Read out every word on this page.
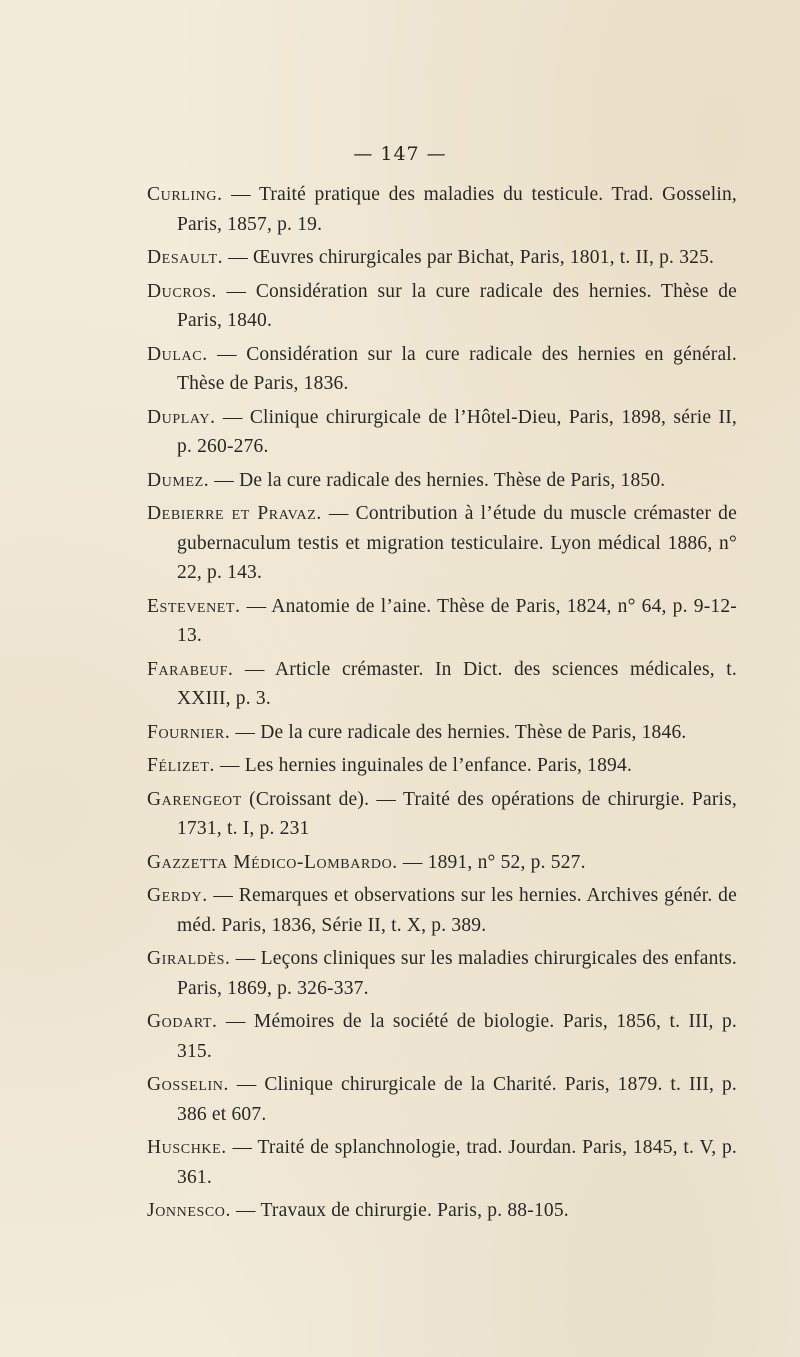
— 147 —

Curling. — Traité pratique des maladies du testicule. Trad. Gosselin, Paris, 1857, p. 19.

Desault. — Œuvres chirurgicales par Bichat, Paris, 1801, t. II, p. 325.

Ducros. — Considération sur la cure radicale des hernies. Thèse de Paris, 1840.

Dulac. — Considération sur la cure radicale des hernies en général. Thèse de Paris, 1836.

Duplay. — Clinique chirurgicale de l’Hôtel-Dieu, Paris, 1898, série II, p. 260-276.

Dumez. — De la cure radicale des hernies. Thèse de Paris, 1850.

Debierre et Pravaz. — Contribution à l’étude du muscle crémaster de gubernaculum testis et migration testiculaire. Lyon médical 1886, n° 22, p. 143.

Estevenet. — Anatomie de l’aine. Thèse de Paris, 1824, n° 64, p. 9-12-13.

Farabeuf. — Article crémaster. In Dict. des sciences médicales, t. XXIII, p. 3.

Fournier. — De la cure radicale des hernies. Thèse de Paris, 1846.

Félizet. — Les hernies inguinales de l’enfance. Paris, 1894.

Garengeot (Croissant de). — Traité des opérations de chirurgie. Paris, 1731, t. I, p. 231

Gazzetta Médico-Lombardo. — 1891, n° 52, p. 527.

Gerdy. — Remarques et observations sur les hernies. Archives génér. de méd. Paris, 1836, Série II, t. X, p. 389.

Giraldès. — Leçons cliniques sur les maladies chirurgicales des enfants. Paris, 1869, p. 326-337.

Godart. — Mémoires de la société de biologie. Paris, 1856, t. III, p. 315.

Gosselin. — Clinique chirurgicale de la Charité. Paris, 1879. t. III, p. 386 et 607.

Huschke. — Traité de splanchnologie, trad. Jourdan. Paris, 1845, t. V, p. 361.

Jonnesco. — Travaux de chirurgie. Paris, p. 88-105.
